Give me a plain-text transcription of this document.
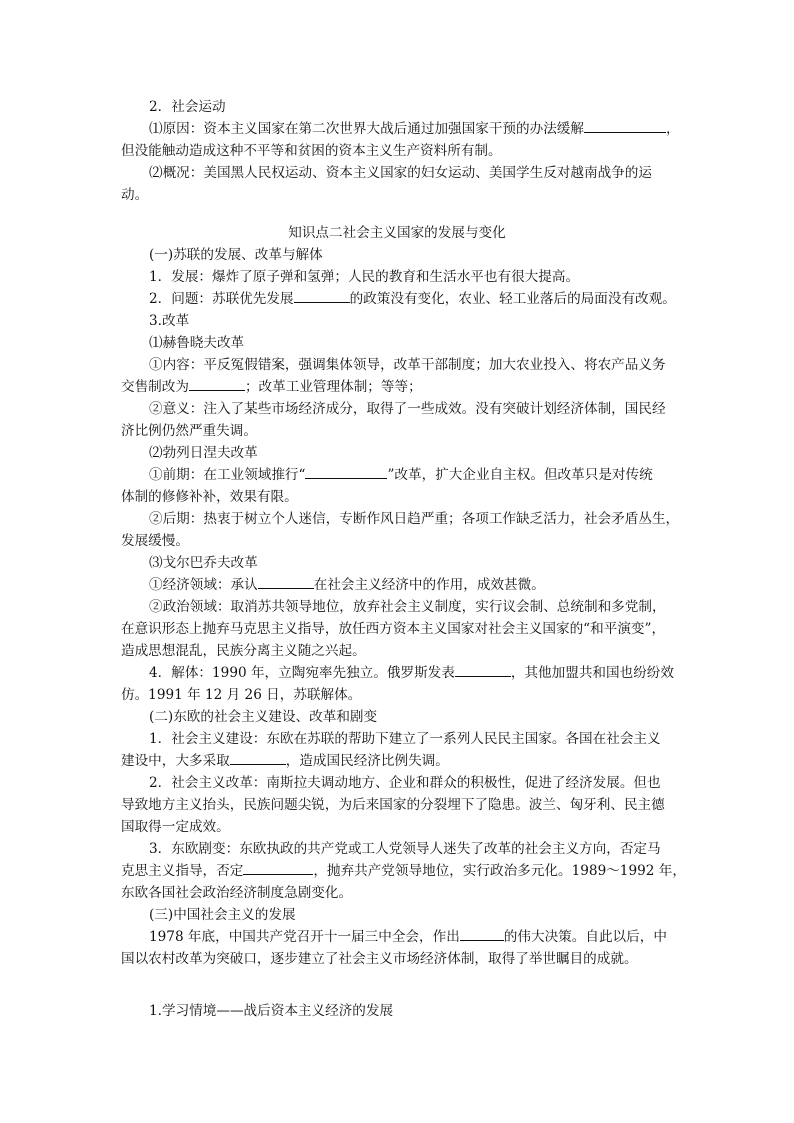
2．社会运动
⑴原因：资本主义国家在第二次世界大战后通过加强国家干预的办法缓解	，
但没能触动造成这种不平等和贫困的资本主义生产资料所有制。
⑵概况：美国黑人民权运动、资本主义国家的妇女运动、美国学生反对越南战争的运
动。
知识点二社会主义国家的发展与变化
(一)苏联的发展、改革与解体
1．发展：爆炸了原子弹和氢弹；人民的教育和生活水平也有很大提高。
2．问题：苏联优先发展	的政策没有变化，农业、轻工业落后的局面没有改观。
3.改革
⑴赫鲁晓夫改革
①内容：平反冤假错案，强调集体领导，改革干部制度；加大农业投入、将农产品义务
交售制改为	；改革工业管理体制；等等；
②意义：注入了某些市场经济成分，取得了一些成效。没有突破计划经济体制，国民经
济比例仍然严重失调。
⑵勃列日涅夫改革
①前期：在工业领域推行“	”改革，扩大企业自主权。但改革只是对传统
体制的修修补补，效果有限。
②后期：热衷于树立个人迷信，专断作风日趋严重；各项工作缺乏活力，社会矛盾丛生，
发展缓慢。
⑶戈尔巴乔夫改革
①经济领域：承认	在社会主义经济中的作用，成效甚微。
②政治领域：取消苏共领导地位，放弃社会主义制度，实行议会制、总统制和多党制，
在意识形态上抛弃马克思主义指导，放任西方资本主义国家对社会主义国家的“和平演变”，
造成思想混乱，民族分离主义随之兴起。
4．解体：1990 年，立陶宛率先独立。俄罗斯发表	，其他加盟共和国也纷纷效
仿。1991 年 12 月 26 日，苏联解体。
(二)东欧的社会主义建设、改革和剧变
1．社会主义建设：东欧在苏联的帮助下建立了一系列人民民主国家。各国在社会主义
建设中，大多采取	，造成国民经济比例失调。
2．社会主义改革：南斯拉夫调动地方、企业和群众的积极性，促进了经济发展。但也
导致地方主义抬头，民族问题尖锐，为后来国家的分裂埋下了隐患。波兰、匈牙利、民主德
国取得一定成效。
3．东欧剧变：东欧执政的共产党或工人党领导人迷失了改革的社会主义方向，否定马
克思主义指导，否定	，抛弃共产党领导地位，实行政治多元化。1989～1992 年，
东欧各国社会政治经济制度急剧变化。
(三)中国社会主义的发展
1978 年底，中国共产党召开十一届三中全会，作出	的伟大决策。自此以后，中
国以农村改革为突破口，逐步建立了社会主义市场经济体制，取得了举世瞩目的成就。
1.学习情境——战后资本主义经济的发展
